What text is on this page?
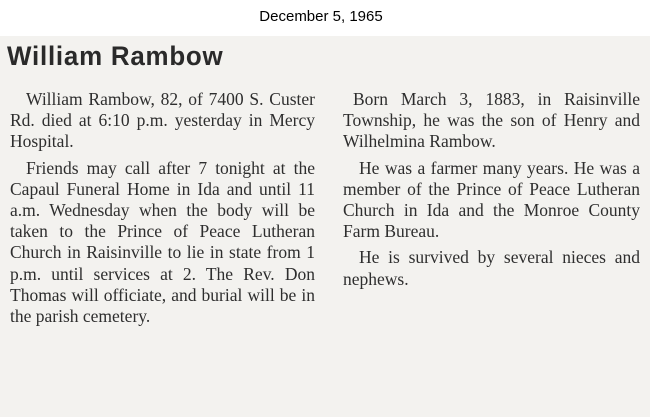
December 5, 1965
William Rambow

William Rambow, 82, of 7400 S. Custer Rd. died at 6:10 p.m. yesterday in Mercy Hospital.

Friends may call after 7 tonight at the Capaul Funeral Home in Ida and until 11 a.m. Wednesday when the body will be taken to the Prince of Peace Lutheran Church in Raisinville to lie in state from 1 p.m. until services at 2. The Rev. Don Thomas will officiate, and burial will be in the parish cemetery.

Born March 3, 1883, in Raisinville Township, he was the son of Henry and Wilhelmina Rambow.

He was a farmer many years. He was a member of the Prince of Peace Lutheran Church in Ida and the Monroe County Farm Bureau.

He is survived by several nieces and nephews.
